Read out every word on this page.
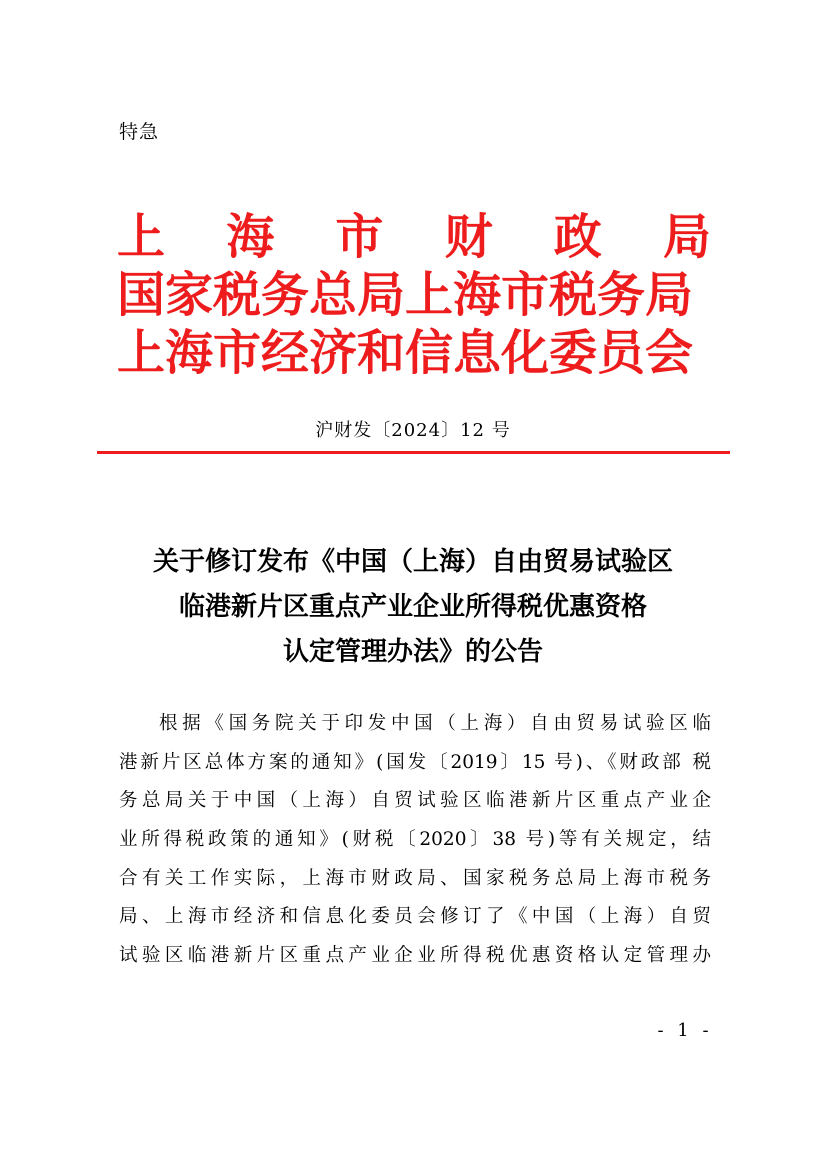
特急
上 海 市 财 政 局
国家税务总局上海市税务局
上海市经济和信息化委员会
沪财发〔2024〕12 号
关于修订发布《中国（上海）自由贸易试验区
临港新片区重点产业企业所得税优惠资格
认定管理办法》的公告
根据《国务院关于印发中国（上海）自由贸易试验区临
港新片区总体方案的通知》(国发〔2019〕15 号)、《财政部 税
务总局关于中国（上海）自贸试验区临港新片区重点产业企
业所得税政策的通知》(财税〔2020〕38 号)等有关规定，结
合有关工作实际，上海市财政局、国家税务总局上海市税务
局、上海市经济和信息化委员会修订了《中国（上海）自贸
试验区临港新片区重点产业企业所得税优惠资格认定管理办
- 1 -
